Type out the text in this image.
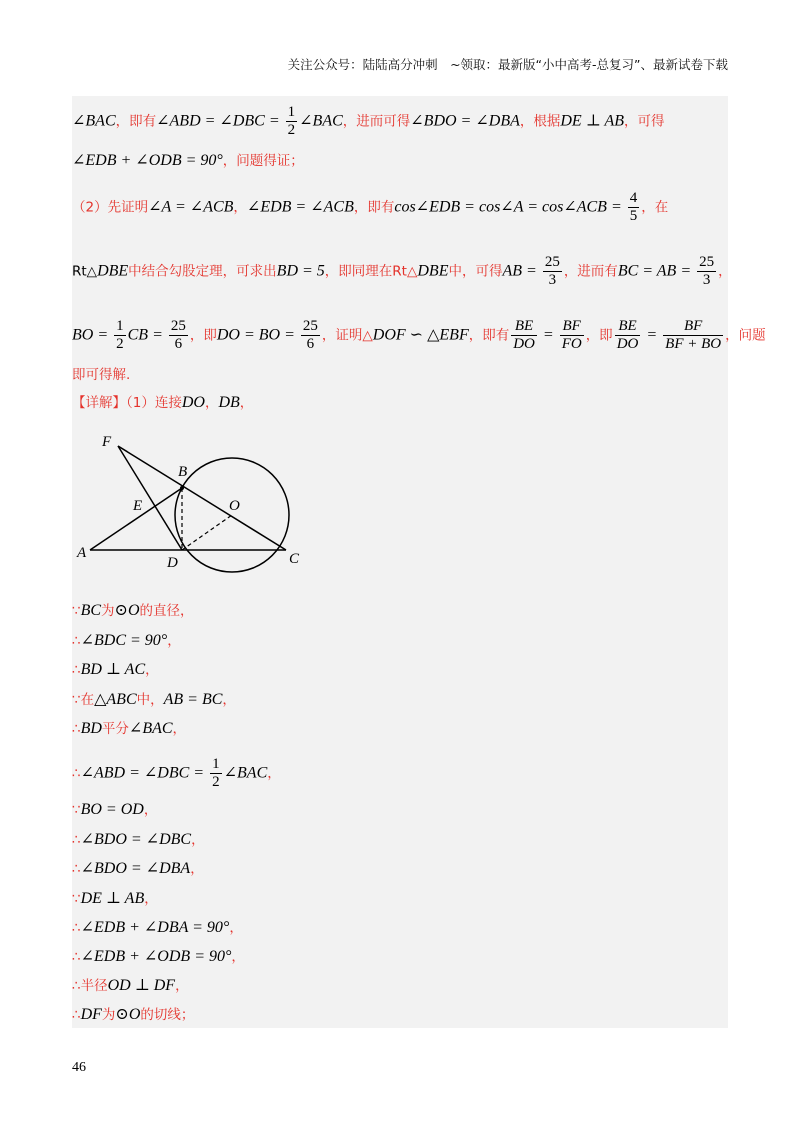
关注公众号：陆陆高分冲刺　~领取：最新版“小中高考-总复习”、最新试卷下载
∠BAC，即有∠ABD = ∠DBC = $\frac{1}{2}$ ∠BAC，进而可得∠BDO = ∠DBA，根据DE ⊥ AB，可得
∠EDB + ∠ODB = 90°，问题得证；
（2）先证明∠A = ∠ACB，∠EDB = ∠ACB，即有cos∠EDB = cos∠A = cos∠ACB = $\frac{4}{5}$ ，在
Rt△DBE中结合勾股定理，可求出BD = 5，即同理在Rt△DBE中，可得AB = $\frac{25}{3}$ ，进而有BC = AB = $\frac{25}{3}$ ，
BO = $\frac{1}{2}$ CB = $\frac{25}{6}$ ，即DO = BO = $\frac{25}{6}$ ，证明△DOF ∽ △EBF，即有 $\frac{BE}{DO} = \frac{BF}{FO}$ ，即 $\frac{BE}{DO} = \frac{BF}{BF + BO}$ ，问题
即可得解.
【详解】（1）连接DO，DB，
F
B
E	O
A
D	C
∵BC为⊙O的直径，
∴∠BDC = 90°，
∴BD ⊥ AC，
∵在△ABC中，AB = BC，
∴BD平分∠BAC，
∴∠ABD = ∠DBC = $\frac{1}{2}$ ∠BAC，
∵BO = OD，
∴∠BDO = ∠DBC，
∴∠BDO = ∠DBA，
∵DE ⊥ AB，
∴∠EDB + ∠DBA = 90°，
∴∠EDB + ∠ODB = 90°，
∴半径OD ⊥ DF，
∴DF为⊙O的切线；
46
